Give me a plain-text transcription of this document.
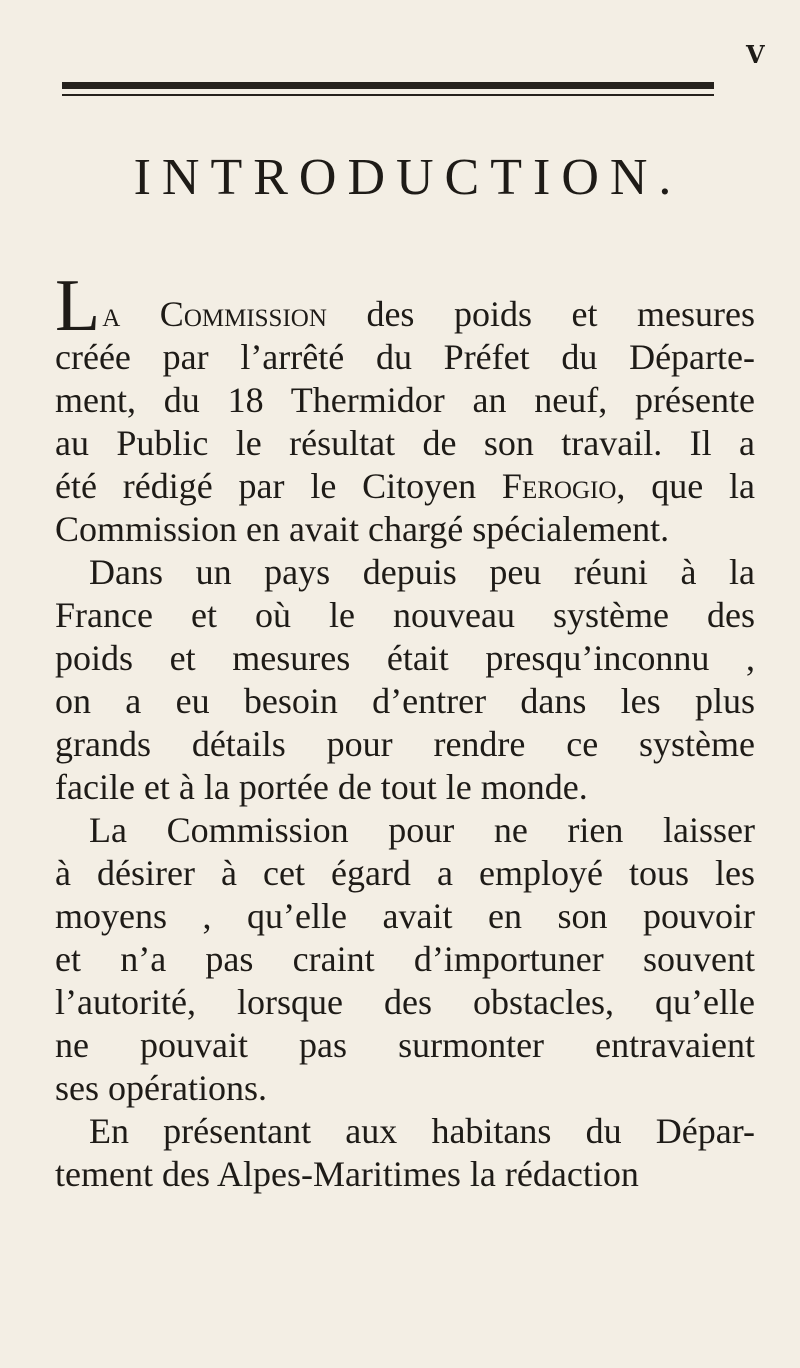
V
INTRODUCTION.
La Commission des poids et mesures
créée par l’arrêté du Préfet du Départe-
ment, du 18 Thermidor an neuf, présente
au Public le résultat de son travail. Il a
été rédigé par le Citoyen Ferogio, que la
Commission en avait chargé spécialement.
Dans un pays depuis peu réuni à la
France et où le nouveau système des
poids et mesures était presqu’inconnu ,
on a eu besoin d’entrer dans les plus
grands détails pour rendre ce système
facile et à la portée de tout le monde.
La Commission pour ne rien laisser
à désirer à cet égard a employé tous les
moyens , qu’elle avait en son pouvoir
et n’a pas craint d’importuner souvent
l’autorité, lorsque des obstacles, qu’elle
ne pouvait pas surmonter entravaient
ses opérations.
En présentant aux habitans du Dépar-
tement des Alpes-Maritimes la rédaction
